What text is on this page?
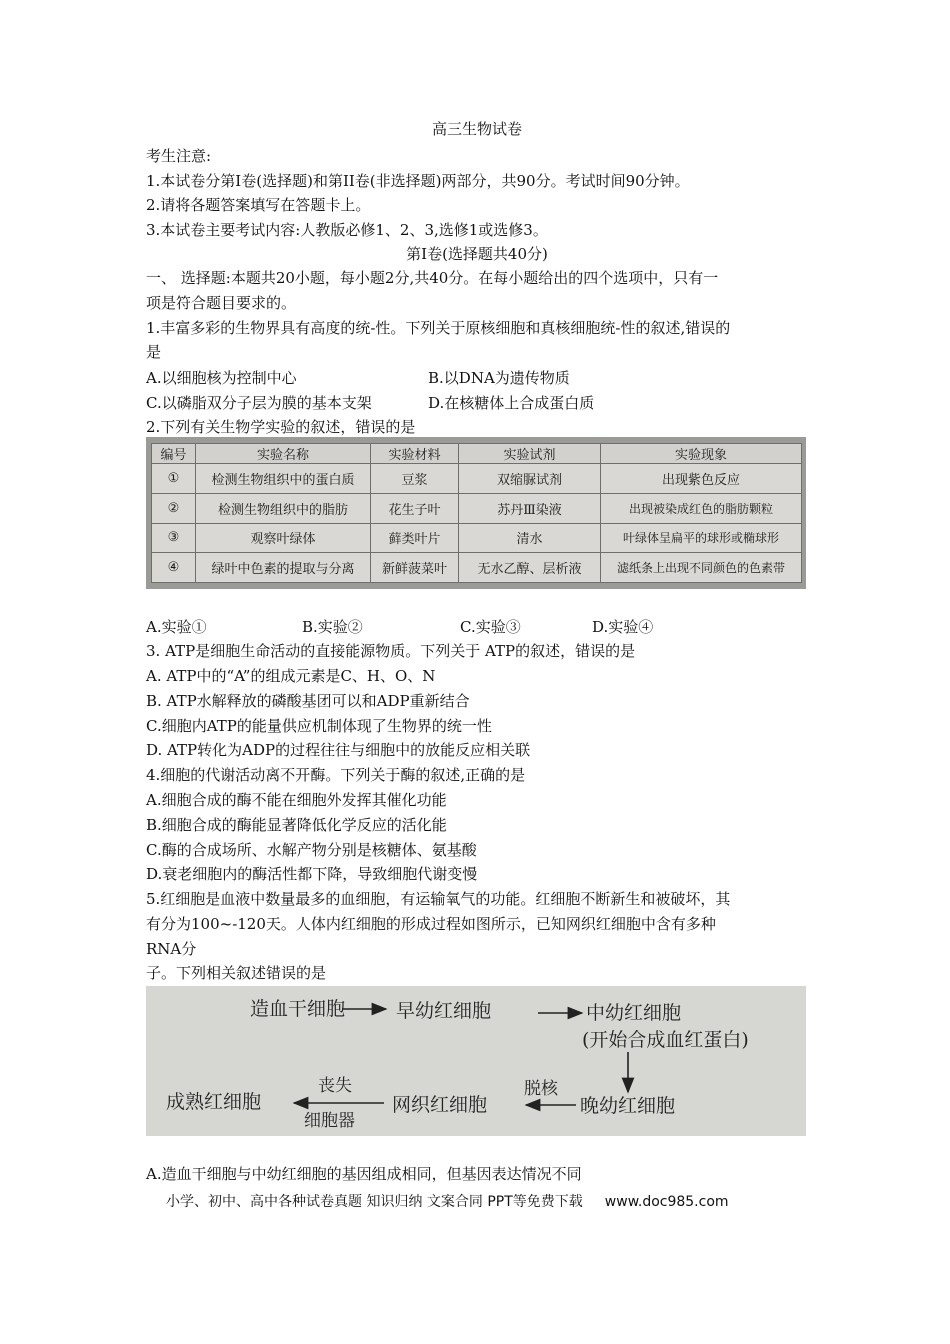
高三生物试卷
考生注意:
1.本试卷分第I卷(选择题)和第II卷(非选择题)两部分，共90分。考试时间90分钟。
2.请将各题答案填写在答题卡上。
3.本试卷主要考试内容:人教版必修1、2、3,选修1或选修3。
第I卷(选择题共40分)
一、 选择题:本题共20小题，每小题2分,共40分。在每小题给出的四个选项中，只有一
项是符合题目要求的。
1.丰富多彩的生物界具有高度的统-性。下列关于原核细胞和真核细胞统-性的叙述,错误的
是
A.以细胞核为控制中心	B.以DNA为遗传物质
C.以磷脂双分子层为膜的基本支架	D.在核糖体上合成蛋白质
2.下列有关生物学实验的叙述，错误的是
编号	实验名称	实验材料	实验试剂	实验现象
①	检测生物组织中的蛋白质	豆浆	双缩脲试剂	出现紫色反应
②	检测生物组织中的脂肪	花生子叶	苏丹Ⅲ染液	出现被染成红色的脂肪颗粒
③	观察叶绿体	藓类叶片	清水	叶绿体呈扁平的球形或椭球形
④	绿叶中色素的提取与分离	新鲜菠菜叶	无水乙醇、层析液	滤纸条上出现不同颜色的色素带
A.实验①	B.实验②	C.实验③	D.实验④
3. ATP是细胞生命活动的直接能源物质。下列关于 ATP的叙述，错误的是
A. ATP中的“A”的组成元素是C、H、O、N
B. ATP水解释放的磷酸基团可以和ADP重新结合
C.细胞内ATP的能量供应机制体现了生物界的统一性
D. ATP转化为ADP的过程往往与细胞中的放能反应相关联
4.细胞的代谢活动离不开酶。下列关于酶的叙述,正确的是
A.细胞合成的酶不能在细胞外发挥其催化功能
B.细胞合成的酶能显著降低化学反应的活化能
C.酶的合成场所、水解产物分别是核糖体、氨基酸
D.衰老细胞内的酶活性都下降，导致细胞代谢变慢
5.红细胞是血液中数量最多的血细胞，有运输氧气的功能。红细胞不断新生和被破坏，其
有分为100~-120天。人体内红细胞的形成过程如图所示，已知网织红细胞中含有多种
RNA分
子。下列相关叙述错误的是
造血干细胞	早幼红细胞	中幼红细胞
(开始合成血红蛋白)
脱核
晚幼红细胞
网织红细胞
丧失
细胞器
成熟红细胞
A.造血干细胞与中幼红细胞的基因组成相同，但基因表达情况不同
小学、初中、高中各种试卷真题 知识归纳 文案合同 PPT等免费下载 www.doc985.com
